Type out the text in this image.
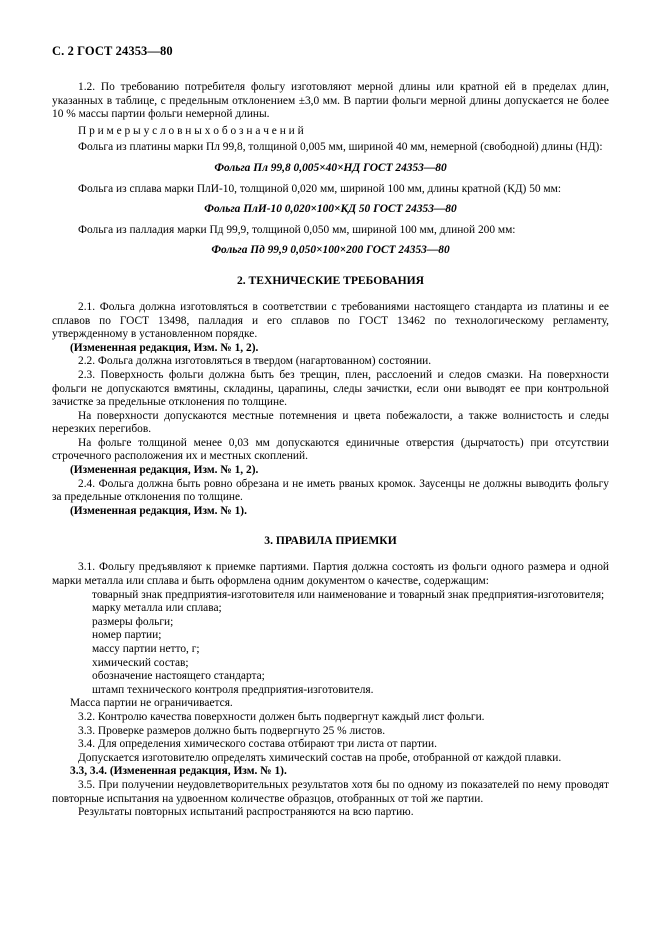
С. 2 ГОСТ 24353—80

1.2. По требованию потребителя фольгу изготовляют мерной длины или кратной ей в пределах длин, указанных в таблице, с предельным отклонением ±3,0 мм. В партии фольги мерной длины допускается не более 10 % массы партии фольги немерной длины.

П р и м е р ы у с л о в н ы х о б о з н а ч е н и й

Фольга из платины марки Пл 99,8, толщиной 0,005 мм, шириной 40 мм, немерной (свободной) длины (НД):

Фольга Пл 99,8 0,005×40×НД ГОСТ 24353—80

Фольга из сплава марки ПлИ-10, толщиной 0,020 мм, шириной 100 мм, длины кратной (КД) 50 мм:

Фольга ПлИ-10 0,020×100×КД 50 ГОСТ 24353—80

Фольга из палладия марки Пд 99,9, толщиной 0,050 мм, шириной 100 мм, длиной 200 мм:

Фольга Пд 99,9 0,050×100×200 ГОСТ 24353—80

2. ТЕХНИЧЕСКИЕ ТРЕБОВАНИЯ

2.1. Фольга должна изготовляться в соответствии с требованиями настоящего стандарта из платины и ее сплавов по ГОСТ 13498, палладия и его сплавов по ГОСТ 13462 по технологическому регламенту, утвержденному в установленном порядке.

(Измененная редакция, Изм. № 1, 2).

2.2. Фольга должна изготовляться в твердом (нагартованном) состоянии.

2.3. Поверхность фольги должна быть без трещин, плен, расслоений и следов смазки. На поверхности фольги не допускаются вмятины, складины, царапины, следы зачистки, если они выводят ее при контрольной зачистке за предельные отклонения по толщине.

На поверхности допускаются местные потемнения и цвета побежалости, а также волнистость и следы нерезких перегибов.

На фольге толщиной менее 0,03 мм допускаются единичные отверстия (дырчатость) при отсутствии строчечного расположения их и местных скоплений.

(Измененная редакция, Изм. № 1, 2).

2.4. Фольга должна быть ровно обрезана и не иметь рваных кромок. Заусенцы не должны выводить фольгу за предельные отклонения по толщине.

(Измененная редакция, Изм. № 1).

3. ПРАВИЛА ПРИЕМКИ

3.1. Фольгу предъявляют к приемке партиями. Партия должна состоять из фольги одного размера и одной марки металла или сплава и быть оформлена одним документом о качестве, содержащим:

товарный знак предприятия-изготовителя или наименование и товарный знак предприятия-изготовителя;

марку металла или сплава;

размеры фольги;

номер партии;

массу партии нетто, г;

химический состав;

обозначение настоящего стандарта;

штамп технического контроля предприятия-изготовителя.

Масса партии не ограничивается.

3.2. Контролю качества поверхности должен быть подвергнут каждый лист фольги.

3.3. Проверке размеров должно быть подвергнуто 25 % листов.

3.4. Для определения химического состава отбирают три листа от партии.

Допускается изготовителю определять химический состав на пробе, отобранной от каждой плавки.

3.3, 3.4. (Измененная редакция, Изм. № 1).

3.5. При получении неудовлетворительных результатов хотя бы по одному из показателей по нему проводят повторные испытания на удвоенном количестве образцов, отобранных от той же партии.

Результаты повторных испытаний распространяются на всю партию.
